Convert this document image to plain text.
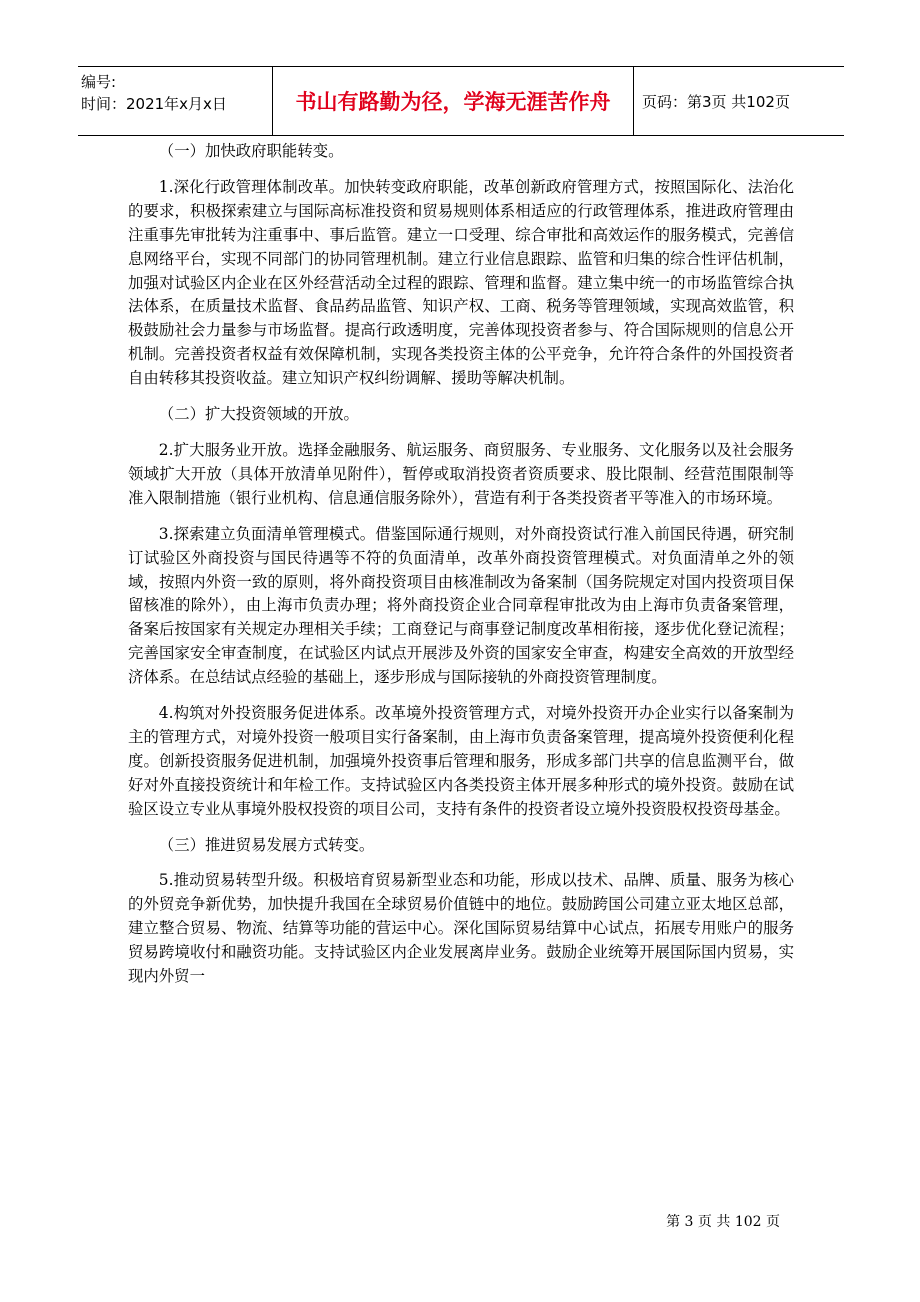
编号:
时间：2021年x月x日	书山有路勤为径，学海无涯苦作舟	页码：第3页 共102页

（一）加快政府职能转变。

1.深化行政管理体制改革。加快转变政府职能，改革创新政府管理方式，按照国际化、法治化的要求，积极探索建立与国际高标准投资和贸易规则体系相适应的行政管理体系，推进政府管理由注重事先审批转为注重事中、事后监管。建立一口受理、综合审批和高效运作的服务模式，完善信息网络平台，实现不同部门的协同管理机制。建立行业信息跟踪、监管和归集的综合性评估机制，加强对试验区内企业在区外经营活动全过程的跟踪、管理和监督。建立集中统一的市场监管综合执法体系，在质量技术监督、食品药品监管、知识产权、工商、税务等管理领域，实现高效监管，积极鼓励社会力量参与市场监督。提高行政透明度，完善体现投资者参与、符合国际规则的信息公开机制。完善投资者权益有效保障机制，实现各类投资主体的公平竞争，允许符合条件的外国投资者自由转移其投资收益。建立知识产权纠纷调解、援助等解决机制。

（二）扩大投资领域的开放。

2.扩大服务业开放。选择金融服务、航运服务、商贸服务、专业服务、文化服务以及社会服务领域扩大开放（具体开放清单见附件），暂停或取消投资者资质要求、股比限制、经营范围限制等准入限制措施（银行业机构、信息通信服务除外），营造有利于各类投资者平等准入的市场环境。

3.探索建立负面清单管理模式。借鉴国际通行规则，对外商投资试行准入前国民待遇，研究制订试验区外商投资与国民待遇等不符的负面清单，改革外商投资管理模式。对负面清单之外的领域，按照内外资一致的原则，将外商投资项目由核准制改为备案制（国务院规定对国内投资项目保留核准的除外），由上海市负责办理；将外商投资企业合同章程审批改为由上海市负责备案管理，备案后按国家有关规定办理相关手续；工商登记与商事登记制度改革相衔接，逐步优化登记流程；完善国家安全审查制度，在试验区内试点开展涉及外资的国家安全审查，构建安全高效的开放型经济体系。在总结试点经验的基础上，逐步形成与国际接轨的外商投资管理制度。

4.构筑对外投资服务促进体系。改革境外投资管理方式，对境外投资开办企业实行以备案制为主的管理方式，对境外投资一般项目实行备案制，由上海市负责备案管理，提高境外投资便利化程度。创新投资服务促进机制，加强境外投资事后管理和服务，形成多部门共享的信息监测平台，做好对外直接投资统计和年检工作。支持试验区内各类投资主体开展多种形式的境外投资。鼓励在试验区设立专业从事境外股权投资的项目公司，支持有条件的投资者设立境外投资股权投资母基金。

（三）推进贸易发展方式转变。

5.推动贸易转型升级。积极培育贸易新型业态和功能，形成以技术、品牌、质量、服务为核心的外贸竞争新优势，加快提升我国在全球贸易价值链中的地位。鼓励跨国公司建立亚太地区总部，建立整合贸易、物流、结算等功能的营运中心。深化国际贸易结算中心试点，拓展专用账户的服务贸易跨境收付和融资功能。支持试验区内企业发展离岸业务。鼓励企业统筹开展国际国内贸易，实现内外贸一

第 3 页 共 102 页
